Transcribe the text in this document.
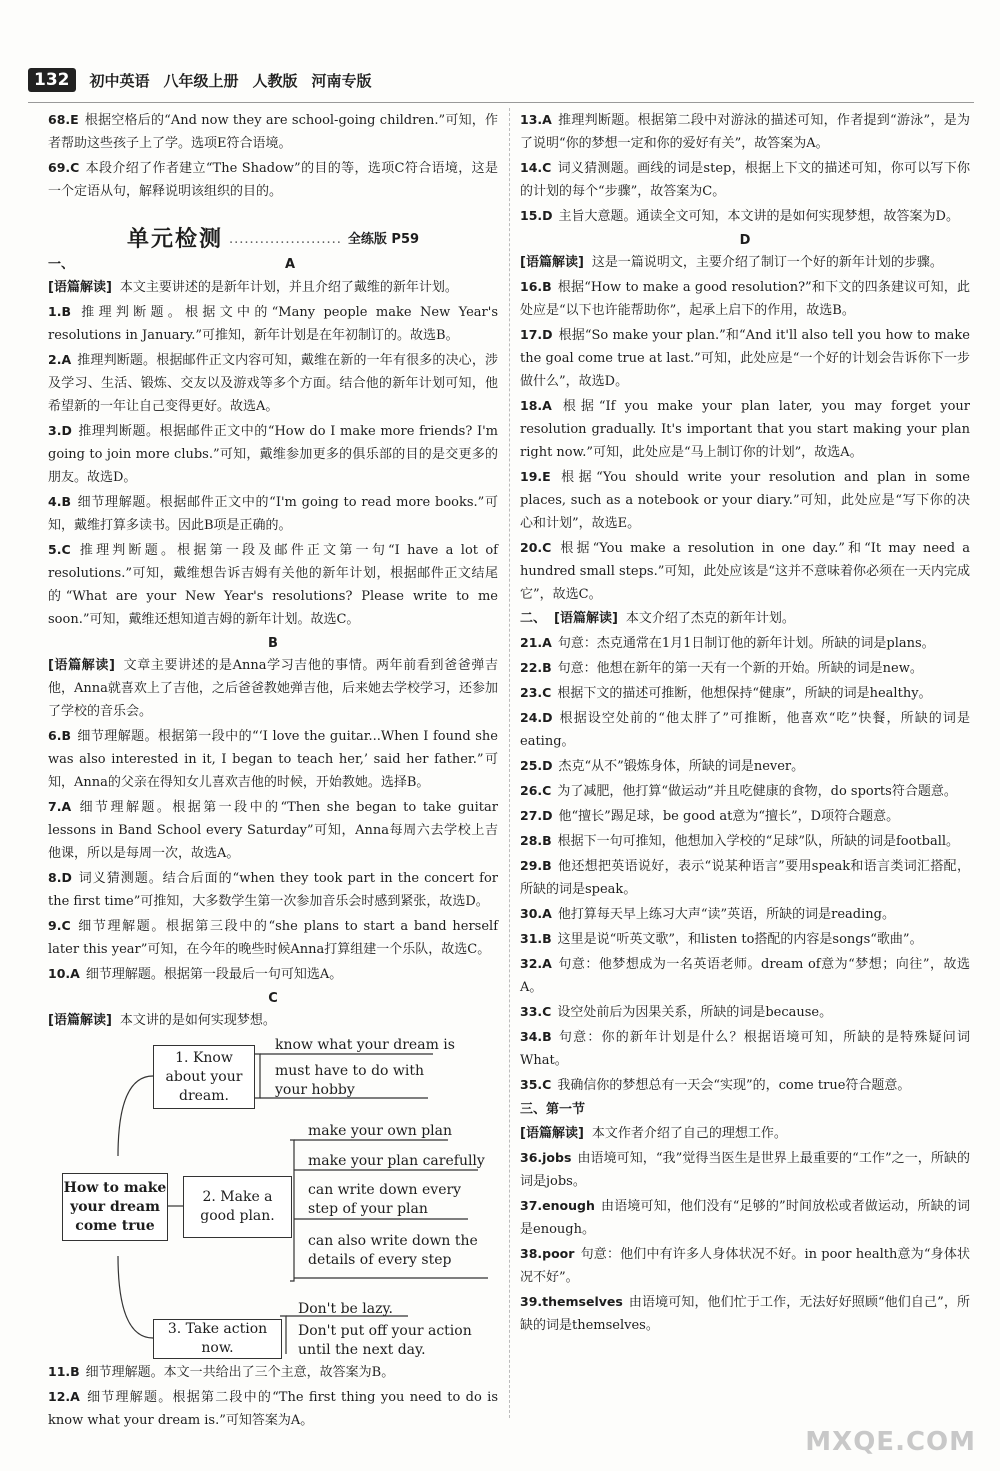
132	初中英语 八年级上册 人教版 河南专版

68.E 根据空格后的“And now they are school-going children.”可知，作者帮助这些孩子上了学。选项E符合语境。

69.C 本段介绍了作者建立“The Shadow”的目的等，选项C符合语境，这是一个定语从句，解释说明该组织的目的。

单元检测 ...................... 全练版 P59
一、	A

[语篇解读] 本文主要讲述的是新年计划，并且介绍了戴维的新年计划。

1.B 推理判断题。根据文中的“Many people make New Year's resolutions in January.”可推知，新年计划是在年初制订的。故选B。

2.A 推理判断题。根据邮件正文内容可知，戴维在新的一年有很多的决心，涉及学习、生活、锻炼、交友以及游戏等多个方面。结合他的新年计划可知，他希望新的一年让自己变得更好。故选A。

3.D 推理判断题。根据邮件正文中的“How do I make more friends? I'm going to join more clubs.”可知，戴维参加更多的俱乐部的目的是交更多的朋友。故选D。

4.B 细节理解题。根据邮件正文中的“I'm going to read more books.”可知，戴维打算多读书。因此B项是正确的。

5.C 推理判断题。根据第一段及邮件正文第一句“I have a lot of resolutions.”可知，戴维想告诉吉姆有关他的新年计划，根据邮件正文结尾的“What are your New Year's resolutions? Please write to me soon.”可知，戴维还想知道吉姆的新年计划。故选C。

B

[语篇解读] 文章主要讲述的是Anna学习吉他的事情。两年前看到爸爸弹吉他，Anna就喜欢上了吉他，之后爸爸教她弹吉他，后来她去学校学习，还参加了学校的音乐会。

6.B 细节理解题。根据第一段中的“‘I love the guitar...When I found she was also interested in it, I began to teach her,’ said her father.”可知，Anna的父亲在得知女儿喜欢吉他的时候，开始教她。选择B。

7.A 细节理解题。根据第一段中的“Then she began to take guitar lessons in Band School every Saturday”可知，Anna每周六去学校上吉他课，所以是每周一次，故选A。

8.D 词义猜测题。结合后面的“when they took part in the concert for the first time”可推知，大多数学生第一次参加音乐会时感到紧张，故选D。

9.C 细节理解题。根据第三段中的“she plans to start a band herself later this year”可知，在今年的晚些时候Anna打算组建一个乐队，故选C。

10.A 细节理解题。根据第一段最后一句可知选A。

C

[语篇解读] 本文讲的是如何实现梦想。

How to make your dream come true
1. Know about your dream.
2. Make a good plan.
3. Take action now.
know what your dream is
must have to do with your hobby
make your own plan
make your plan carefully
can write down every step of your plan
can also write down the details of every step
Don't be lazy.
Don't put off your action until the next day.

11.B 细节理解题。本文一共给出了三个主意，故答案为B。

12.A 细节理解题。根据第二段中的“The first thing you need to do is know what your dream is.”可知答案为A。

13.A 推理判断题。根据第二段中对游泳的描述可知，作者提到“游泳”，是为了说明“你的梦想一定和你的爱好有关”，故答案为A。

14.C 词义猜测题。画线的词是step，根据上下文的描述可知，你可以写下你的计划的每个“步骤”，故答案为C。

15.D 主旨大意题。通读全文可知，本文讲的是如何实现梦想，故答案为D。

D

[语篇解读] 这是一篇说明文，主要介绍了制订一个好的新年计划的步骤。

16.B 根据“How to make a good resolution?”和下文的四条建议可知，此处应是“以下也许能帮助你”，起承上启下的作用，故选B。

17.D 根据“So make your plan.”和“And it'll also tell you how to make the goal come true at last.”可知，此处应是“一个好的计划会告诉你下一步做什么”，故选D。

18.A 根据“If you make your plan later, you may forget your resolution gradually. It's important that you start making your plan right now.”可知，此处应是“马上制订你的计划”，故选A。

19.E 根据“You should write your resolution and plan in some places, such as a notebook or your diary.”可知，此处应是“写下你的决心和计划”，故选E。

20.C 根据“You make a resolution in one day.”和“It may need a hundred small steps.”可知，此处应该是“这并不意味着你必须在一天内完成它”，故选C。

二、 [语篇解读] 本文介绍了杰克的新年计划。

21.A 句意：杰克通常在1月1日制订他的新年计划。所缺的词是plans。

22.B 句意：他想在新年的第一天有一个新的开始。所缺的词是new。

23.C 根据下文的描述可推断，他想保持“健康”，所缺的词是healthy。

24.D 根据设空处前的“他太胖了”可推断，他喜欢“吃”快餐，所缺的词是eating。

25.D 杰克“从不”锻炼身体，所缺的词是never。

26.C 为了减肥，他打算“做运动”并且吃健康的食物，do sports符合题意。

27.D 他“擅长”踢足球，be good at意为“擅长”，D项符合题意。

28.B 根据下一句可推知，他想加入学校的“足球”队，所缺的词是football。

29.B 他还想把英语说好，表示“说某种语言”要用speak和语言类词汇搭配，所缺的词是speak。

30.A 他打算每天早上练习大声“读”英语，所缺的词是reading。

31.B 这里是说“听英文歌”，和listen to搭配的内容是songs“歌曲”。

32.A 句意：他梦想成为一名英语老师。dream of意为“梦想；向往”，故选A。

33.C 设空处前后为因果关系，所缺的词是because。

34.B 句意：你的新年计划是什么？根据语境可知，所缺的是特殊疑问词What。

35.C 我确信你的梦想总有一天会“实现”的，come true符合题意。

三、第一节

[语篇解读] 本文作者介绍了自己的理想工作。

36.jobs 由语境可知，“我”觉得当医生是世界上最重要的“工作”之一，所缺的词是jobs。

37.enough 由语境可知，他们没有“足够的”时间放松或者做运动，所缺的词是enough。

38.poor 句意：他们中有许多人身体状况不好。in poor health意为“身体状况不好”。

39.themselves 由语境可知，他们忙于工作，无法好好照顾“他们自己”，所缺的词是themselves。

MXQE.COM
